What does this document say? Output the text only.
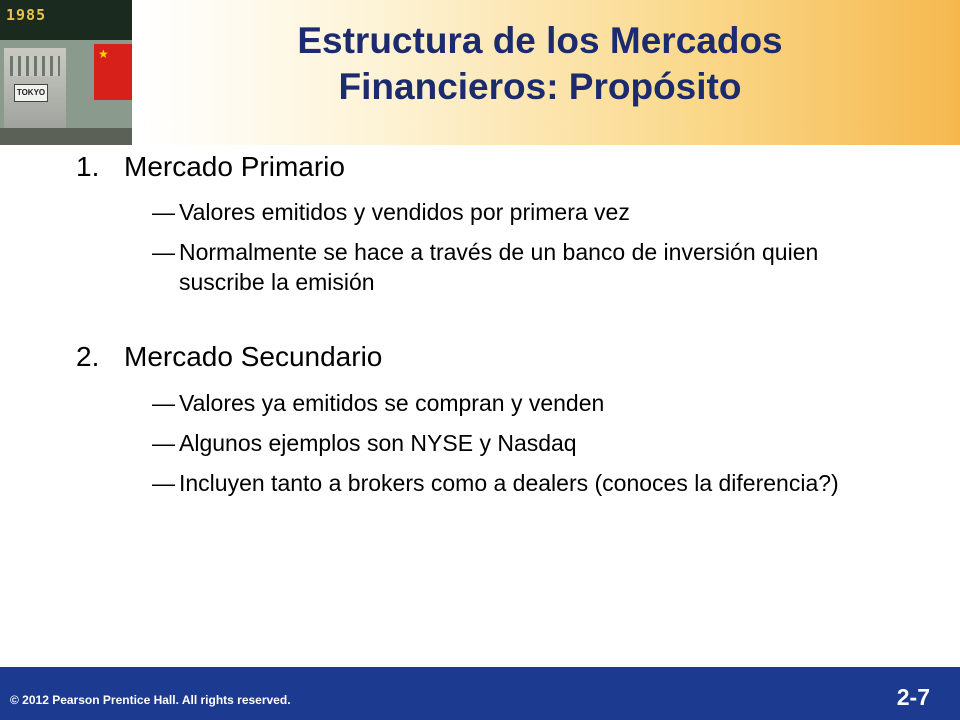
1985
TOKYO
★	Estructura de los Mercados
Financieros: Propósito
1. Mercado Primario
— Valores emitidos y vendidos por primera vez
— Normalmente se hace a través de un banco de inversión quien suscribe la emisión
2. Mercado Secundario
— Valores ya emitidos se compran y venden
— Algunos ejemplos son NYSE y Nasdaq
— Incluyen tanto a brokers como a dealers (conoces la diferencia?)
© 2012 Pearson Prentice Hall. All rights reserved.	2-7
